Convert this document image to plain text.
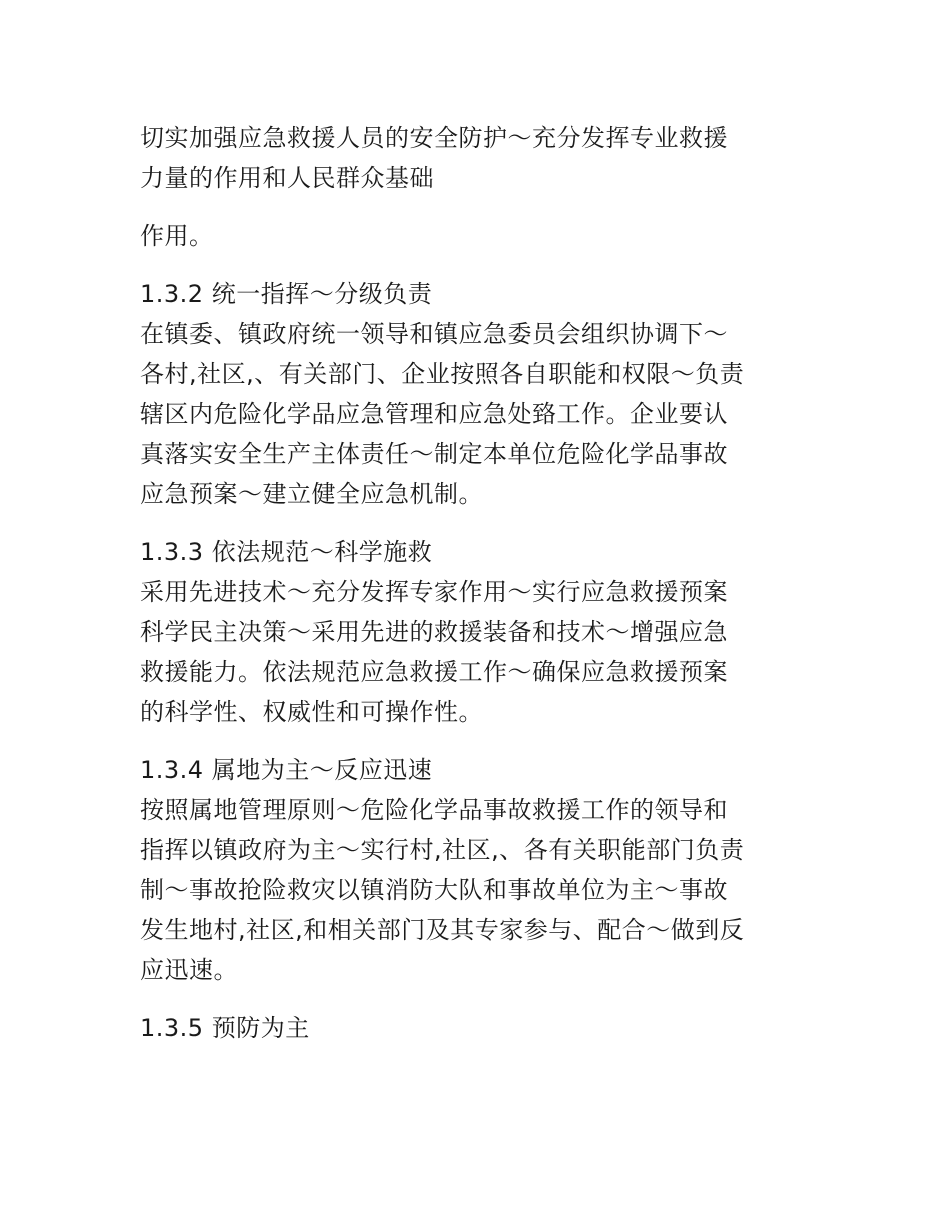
切实加强应急救援人员的安全防护～充分发挥专业救援
力量的作用和人民群众基础

作用。

1.3.2 统一指挥～分级负责

在镇委、镇政府统一领导和镇应急委员会组织协调下～
各村,社区,、有关部门、企业按照各自职能和权限～负责
辖区内危险化学品应急管理和应急处臵工作。企业要认
真落实安全生产主体责任～制定本单位危险化学品事故
应急预案～建立健全应急机制。

1.3.3 依法规范～科学施救

采用先进技术～充分发挥专家作用～实行应急救援预案
科学民主决策～采用先进的救援装备和技术～增强应急
救援能力。依法规范应急救援工作～确保应急救援预案
的科学性、权威性和可操作性。

1.3.4 属地为主～反应迅速

按照属地管理原则～危险化学品事故救援工作的领导和
指挥以镇政府为主～实行村,社区,、各有关职能部门负责
制～事故抢险救灾以镇消防大队和事故单位为主～事故
发生地村,社区,和相关部门及其专家参与、配合～做到反
应迅速。

1.3.5 预防为主
